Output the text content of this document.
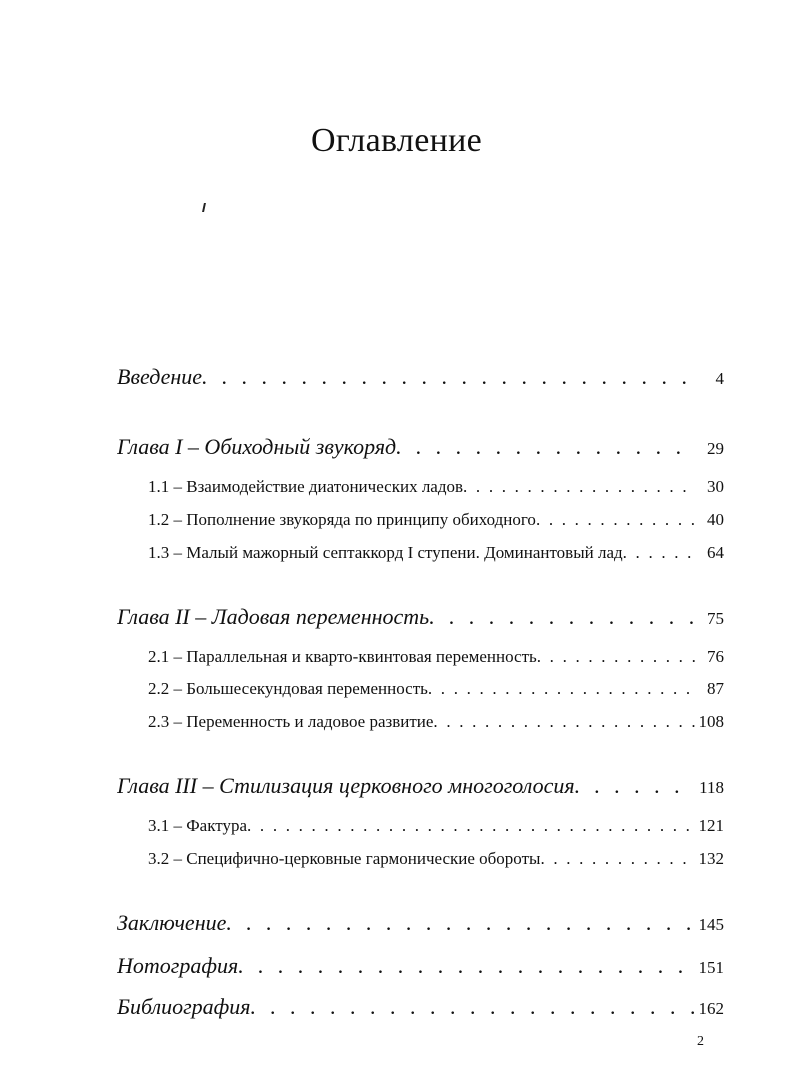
Оглавление
Введение . . .	4
Глава I – Обиходный звукоряд . . .	29
1.1 – Взаимодействие диатонических ладов . . .	30
1.2 – Пополнение звукоряда по принципу обиходного . . .	40
1.3 – Малый мажорный септаккорд I ступени. Доминантовый лад . . .	64
Глава II – Ладовая переменность . . .	75
2.1 – Параллельная и кварто-квинтовая переменность . . .	76
2.2 – Большесекундовая переменность . . .	87
2.3 – Переменность и ладовое развитие . . .	108
Глава III – Стилизация церковного многоголосия . . .	118
3.1 – Фактура . . .	121
3.2 – Специфично-церковные гармонические обороты . . .	132
Заключение . . .	145
Нотография . . .	151
Библиография . . .	162
2
